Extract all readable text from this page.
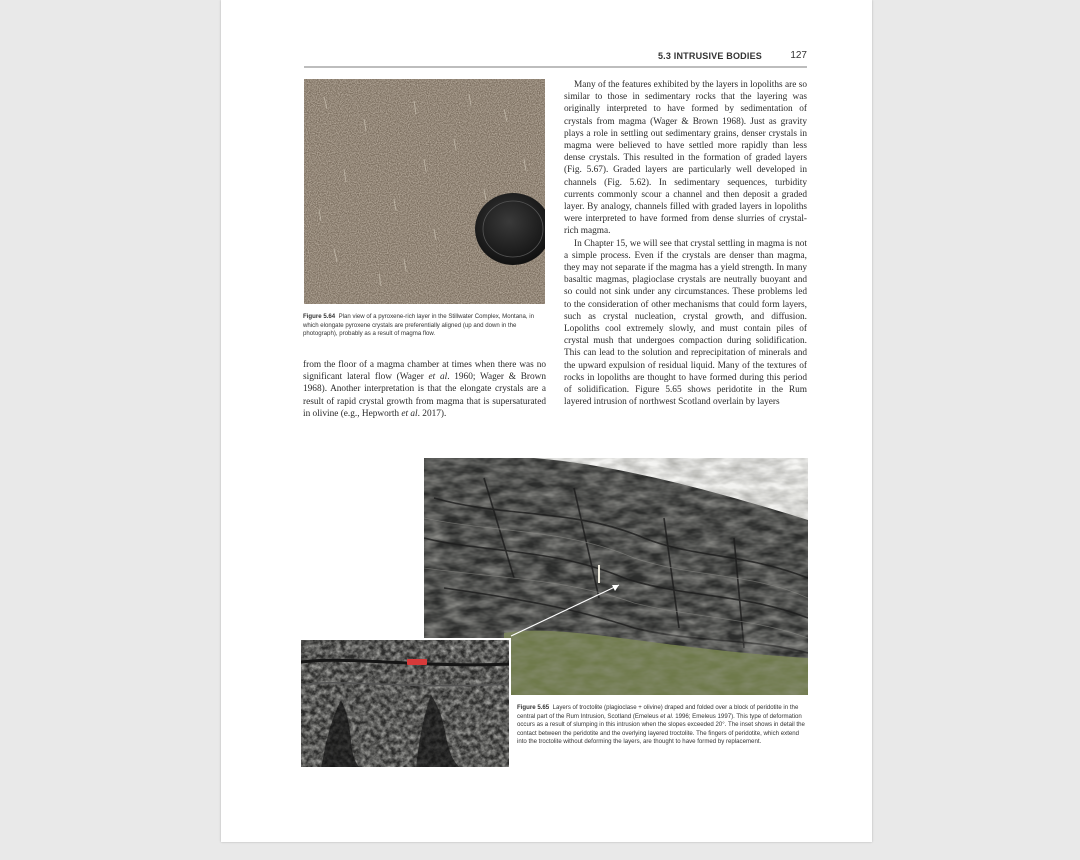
5.3 INTRUSIVE BODIES	127
Figure 5.64 Plan view of a pyroxene-rich layer in the Stillwater Complex, Montana, in which elongate pyroxene crystals are preferentially aligned (up and down in the photograph), probably as a result of magma flow.

Many of the features exhibited by the layers in lopoliths are so similar to those in sedimentary rocks that the layering was originally interpreted to have formed by sedimentation of crystals from magma (Wager & Brown 1968). Just as gravity plays a role in settling out sedimentary grains, denser crystals in magma were believed to have settled more rapidly than less dense crystals. This resulted in the formation of graded layers (Fig. 5.67). Graded layers are particularly well developed in channels (Fig. 5.62). In sedimentary sequences, turbidity currents commonly scour a channel and then deposit a graded layer. By analogy, channels filled with graded layers in lopoliths were interpreted to have formed from dense slurries of crystal-rich magma.

In Chapter 15, we will see that crystal settling in magma is not a simple process. Even if the crystals are denser than magma, they may not separate if the magma has a yield strength. In many basaltic magmas, plagioclase crystals are neutrally buoyant and so could not sink under any circumstances. These problems led to the consideration of other mechanisms that could form layers, such as crystal nucleation, crystal growth, and diffusion. Lopoliths cool extremely slowly, and must contain piles of crystal mush that undergoes compaction during solidification. This can lead to the solution and reprecipitation of minerals and the upward expulsion of residual liquid. Many of the textures of rocks in lopoliths are thought to have formed during this period of solidification. Figure 5.65 shows peridotite in the Rum layered intrusion of northwest Scotland overlain by layers

from the floor of a magma chamber at times when there was no significant lateral flow (Wager et al. 1960; Wager & Brown 1968). Another interpretation is that the elongate crystals are a result of rapid crystal growth from magma that is supersaturated in olivine (e.g., Hepworth et al. 2017).

Figure 5.65 Layers of troctolite (plagioclase + olivine) draped and folded over a block of peridotite in the central part of the Rum Intrusion, Scotland (Emeleus et al. 1996; Emeleus 1997). This type of deformation occurs as a result of slumping in this intrusion when the slopes exceeded 20°. The inset shows in detail the contact between the peridotite and the overlying layered troctolite. The fingers of peridotite, which extend into the troctolite without deforming the layers, are thought to have formed by replacement.
